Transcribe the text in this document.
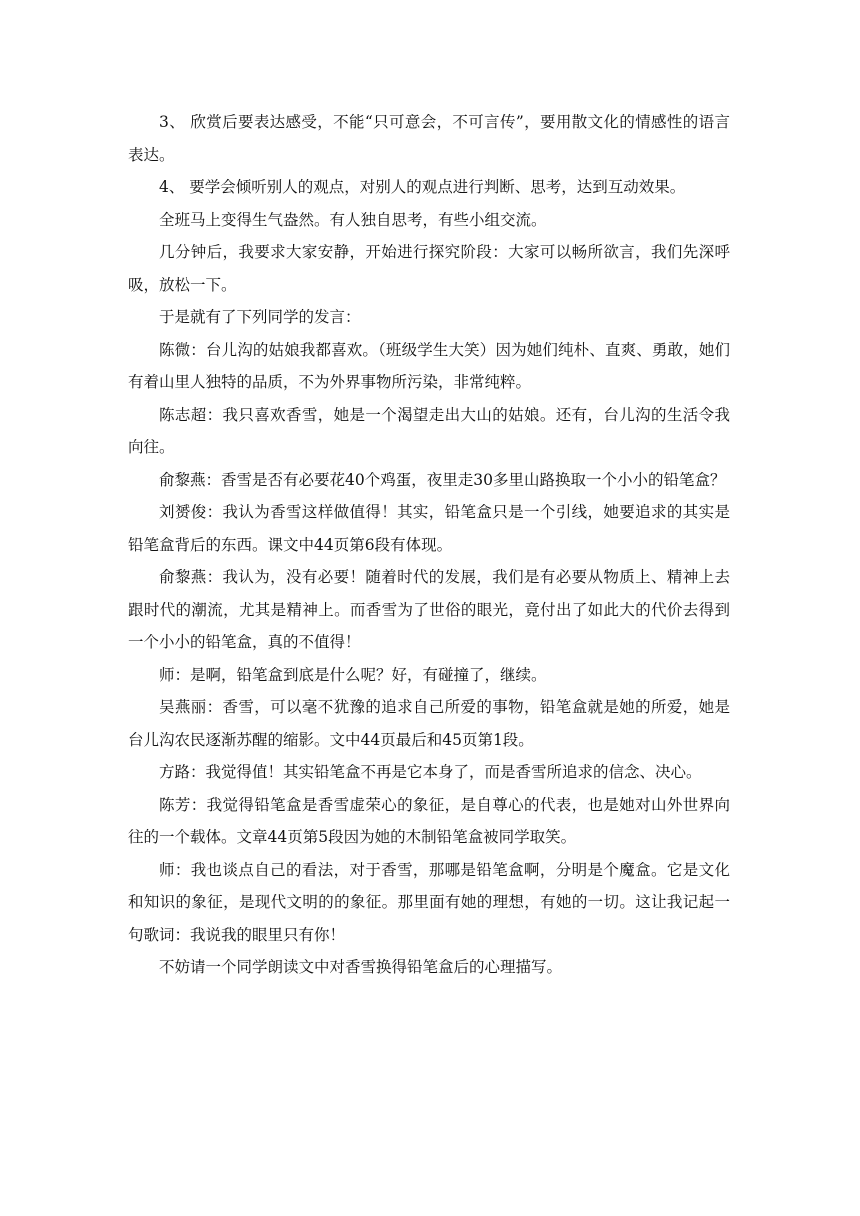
3、 欣赏后要表达感受，不能“只可意会，不可言传”，要用散文化的情感性的语言表达。

4、 要学会倾听别人的观点，对别人的观点进行判断、思考，达到互动效果。

全班马上变得生气盎然。有人独自思考，有些小组交流。

几分钟后，我要求大家安静，开始进行探究阶段：大家可以畅所欲言，我们先深呼吸，放松一下。

于是就有了下列同学的发言：

陈微：台儿沟的姑娘我都喜欢。（班级学生大笑）因为她们纯朴、直爽、勇敢，她们有着山里人独特的品质，不为外界事物所污染，非常纯粹。

陈志超：我只喜欢香雪，她是一个渴望走出大山的姑娘。还有，台儿沟的生活令我向往。

俞黎燕：香雪是否有必要花40个鸡蛋，夜里走30多里山路换取一个小小的铅笔盒？

刘赟俊：我认为香雪这样做值得！其实，铅笔盒只是一个引线，她要追求的其实是铅笔盒背后的东西。课文中44页第6段有体现。

俞黎燕：我认为，没有必要！随着时代的发展，我们是有必要从物质上、精神上去跟时代的潮流，尤其是精神上。而香雪为了世俗的眼光，竟付出了如此大的代价去得到一个小小的铅笔盒，真的不值得！

师：是啊，铅笔盒到底是什么呢？好，有碰撞了，继续。

吴燕丽：香雪，可以毫不犹豫的追求自己所爱的事物，铅笔盒就是她的所爱，她是台儿沟农民逐渐苏醒的缩影。文中44页最后和45页第1段。

方路：我觉得值！其实铅笔盒不再是它本身了，而是香雪所追求的信念、决心。

陈芳：我觉得铅笔盒是香雪虚荣心的象征，是自尊心的代表，也是她对山外世界向往的一个载体。文章44页第5段因为她的木制铅笔盒被同学取笑。

师：我也谈点自己的看法，对于香雪，那哪是铅笔盒啊，分明是个魔盒。它是文化和知识的象征，是现代文明的的象征。那里面有她的理想，有她的一切。这让我记起一句歌词：我说我的眼里只有你！

不妨请一个同学朗读文中对香雪换得铅笔盒后的心理描写。
